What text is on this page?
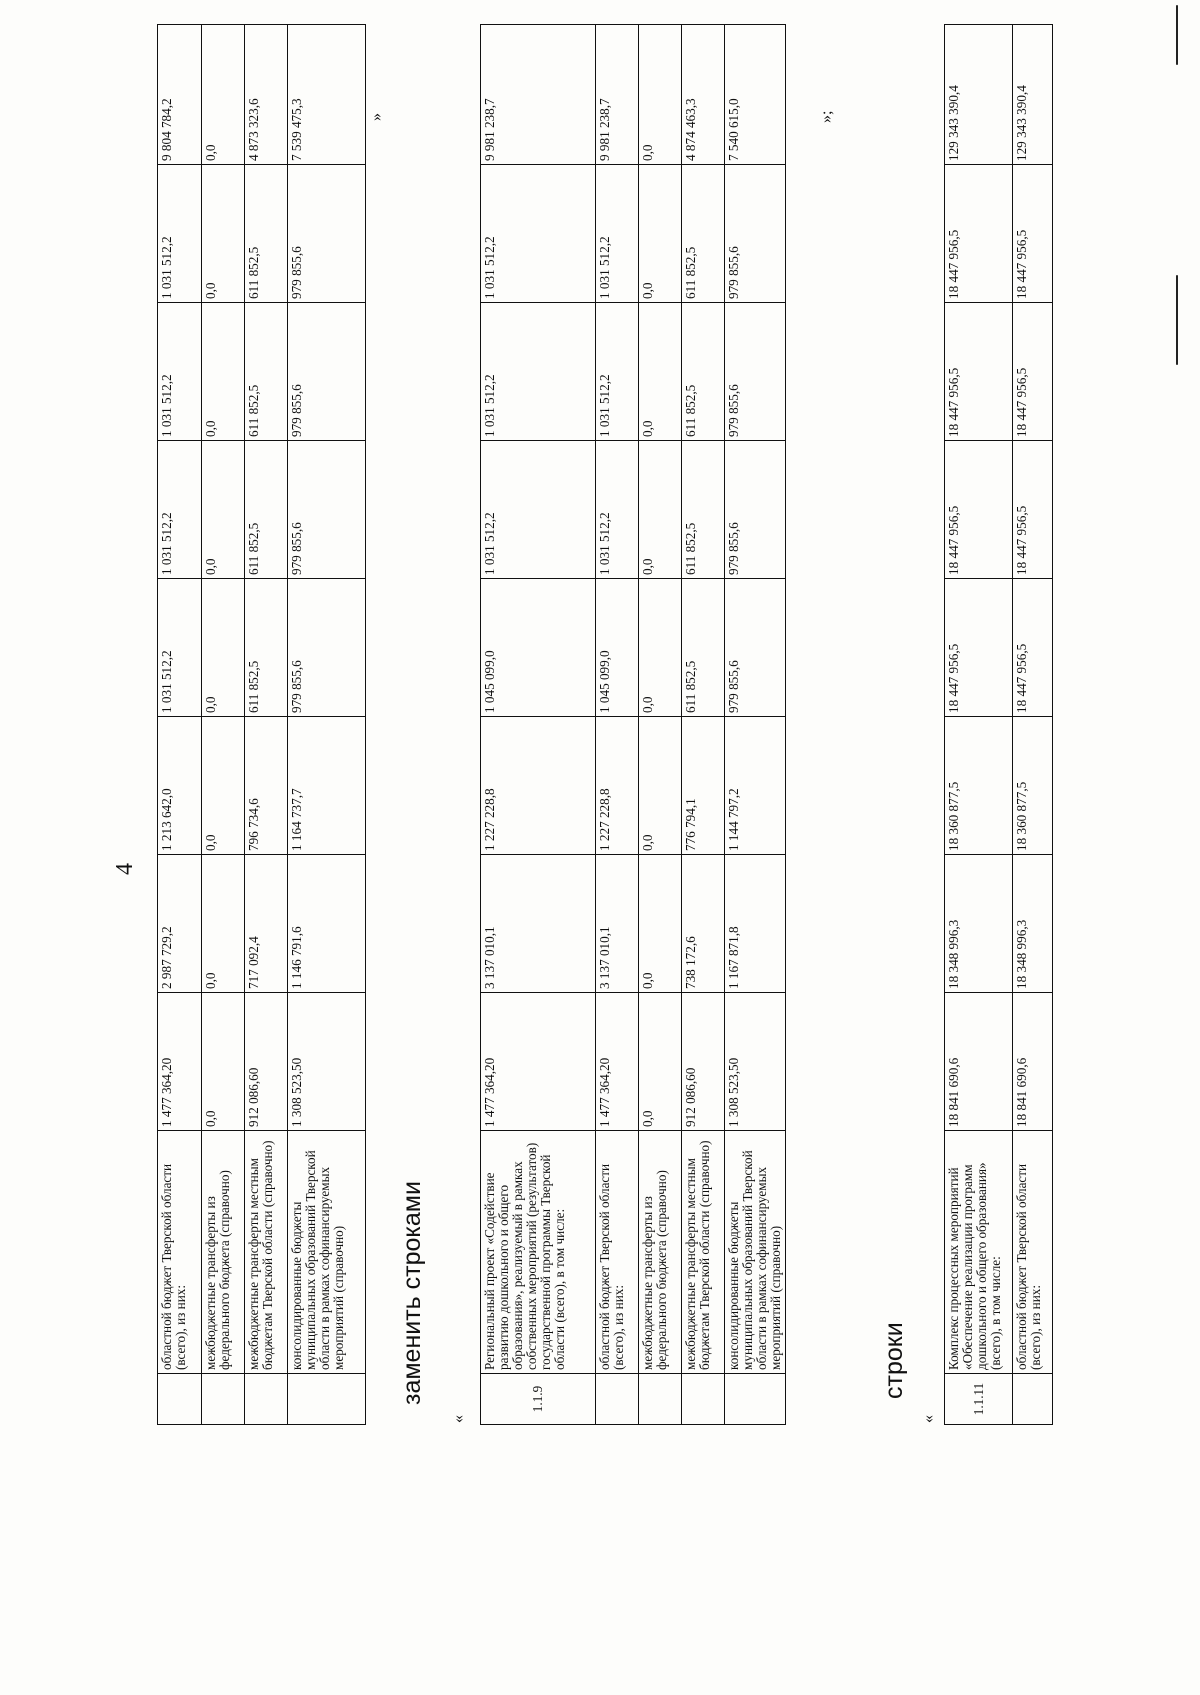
4
	областной бюджет Тверской области (всего), из них:	1 477 364,20	2 987 729,2	1 213 642,0	1 031 512,2	1 031 512,2	1 031 512,2	1 031 512,2	9 804 784,2
	межбюджетные трансферты из федерального бюджета (справочно)	0,0	0,0	0,0	0,0	0,0	0,0	0,0	0,0
	межбюджетные трансферты местным бюджетам Тверской области (справочно)	912 086,60	717 092,4	796 734,6	611 852,5	611 852,5	611 852,5	611 852,5	4 873 323,6
	консолидированные бюджеты муниципальных образований Тверской области в рамках софинансируемых мероприятий (справочно)	1 308 523,50	1 146 791,6	1 164 737,7	979 855,6	979 855,6	979 855,6	979 855,6	7 539 475,3	»
заменить строками
«
1.1.9	Региональный проект «Содействие развитию дошкольного и общего образования», реализуемый в рамках собственных мероприятий (результатов) государственной программы Тверской области (всего), в том числе:	1 477 364,20	3 137 010,1	1 227 228,8	1 045 099,0	1 031 512,2	1 031 512,2	1 031 512,2	9 981 238,7
	областной бюджет Тверской области (всего), из них:	1 477 364,20	3 137 010,1	1 227 228,8	1 045 099,0	1 031 512,2	1 031 512,2	1 031 512,2	9 981 238,7
	межбюджетные трансферты из федерального бюджета (справочно)	0,0	0,0	0,0	0,0	0,0	0,0	0,0	0,0
	межбюджетные трансферты местным бюджетам Тверской области (справочно)	912 086,60	738 172,6	776 794,1	611 852,5	611 852,5	611 852,5	611 852,5	4 874 463,3
	консолидированные бюджеты муниципальных образований Тверской области в рамках софинансируемых мероприятий (справочно)	1 308 523,50	1 167 871,8	1 144 797,2	979 855,6	979 855,6	979 855,6	979 855,6	7 540 615,0	»;
строки
«
1.1.11	Комплекс процессных мероприятий «Обеспечение реализации программ дошкольного и общего образования» (всего), в том числе:	18 841 690,6	18 348 996,3	18 360 877,5	18 447 956,5	18 447 956,5	18 447 956,5	18 447 956,5	129 343 390,4
	областной бюджет Тверской области (всего), из них:	18 841 690,6	18 348 996,3	18 360 877,5	18 447 956,5	18 447 956,5	18 447 956,5	18 447 956,5	129 343 390,4
